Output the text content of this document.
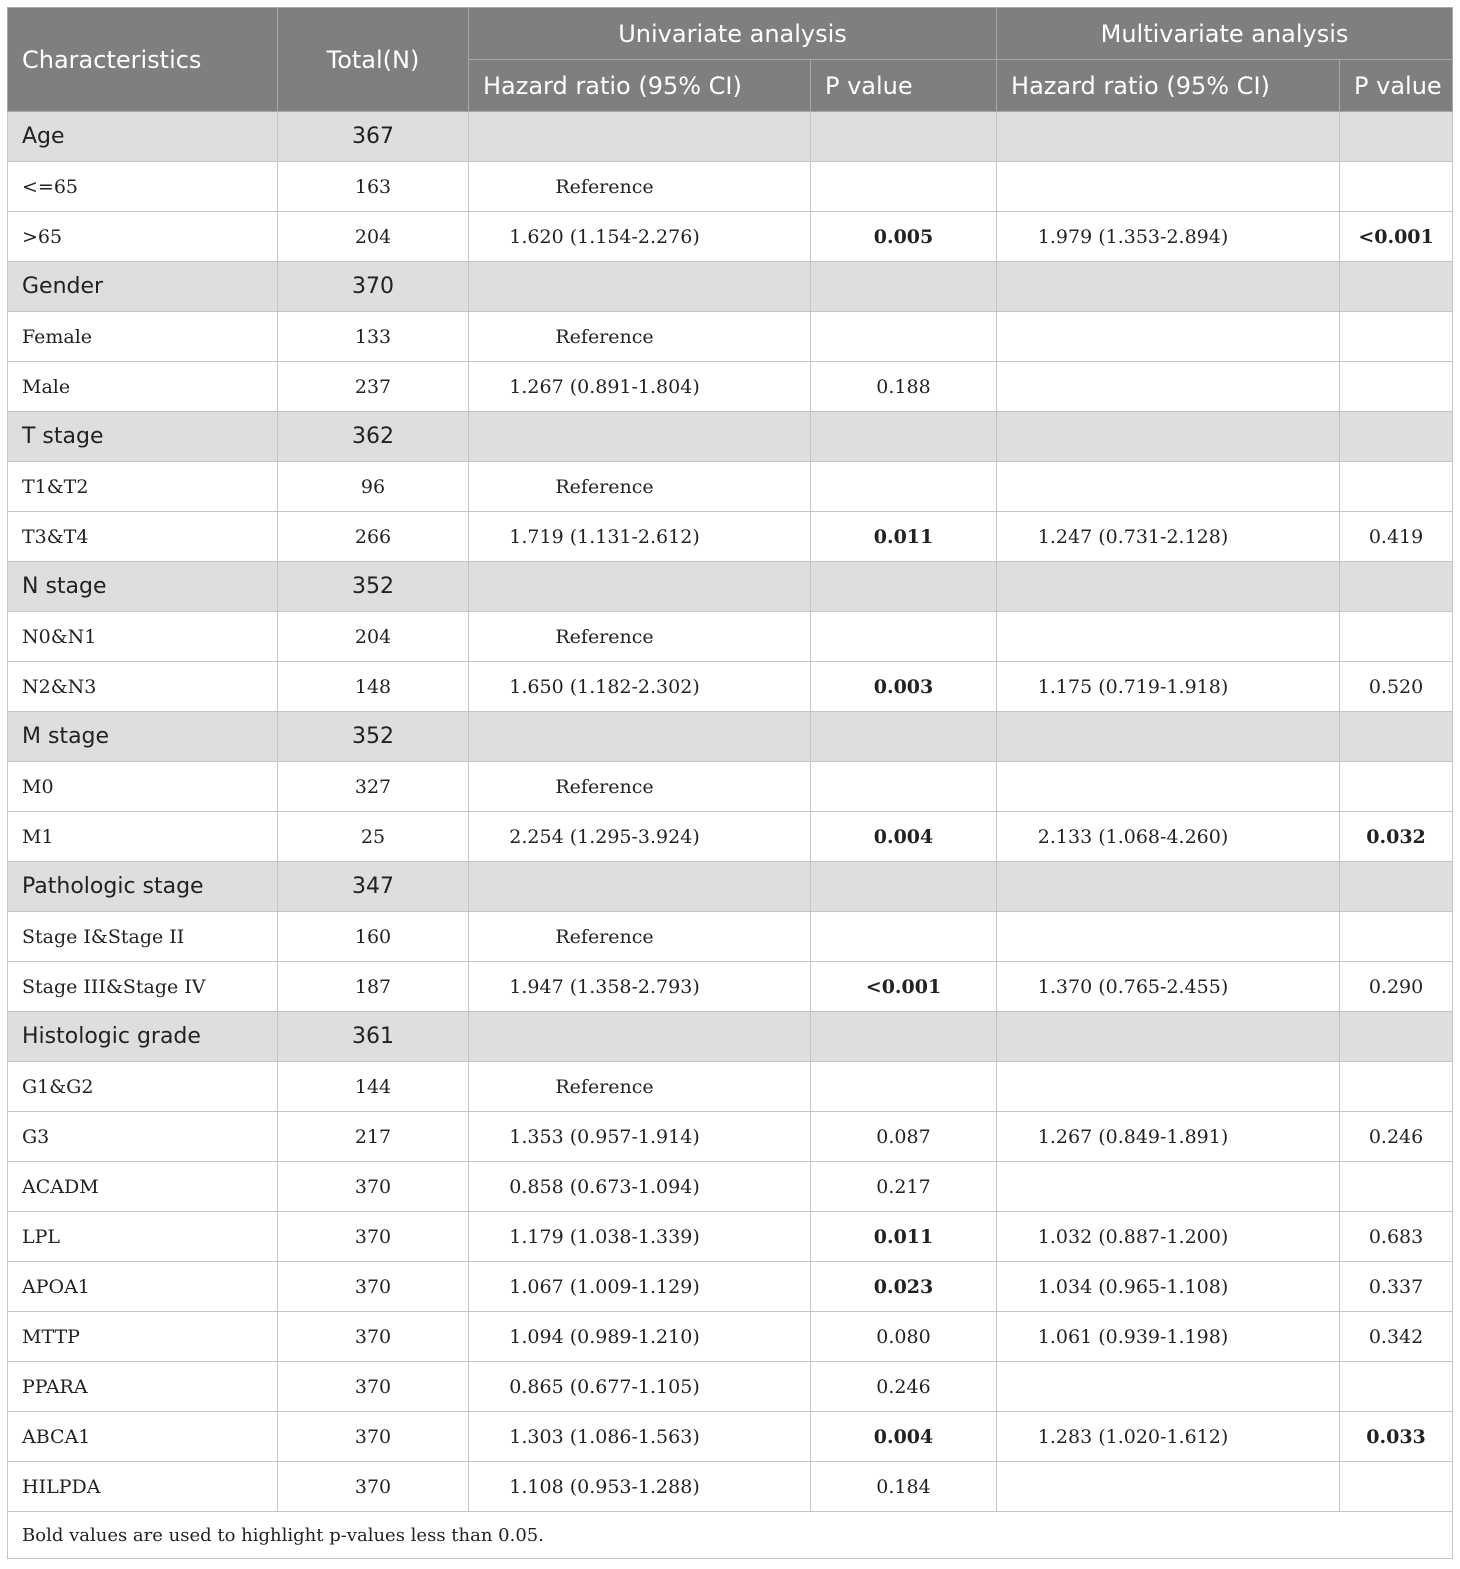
Characteristics	Total(N)	Univariate analysis		Multivariate analysis	
		Hazard ratio (95% CI)	P value	Hazard ratio (95% CI)	P value
Age	367				
<=65	163	Reference			
>65	204	1.620 (1.154-2.276)	0.005	1.979 (1.353-2.894)	<0.001
Gender	370				
Female	133	Reference			
Male	237	1.267 (0.891-1.804)	0.188		
T stage	362				
T1&T2	96	Reference			
T3&T4	266	1.719 (1.131-2.612)	0.011	1.247 (0.731-2.128)	0.419
N stage	352				
N0&N1	204	Reference			
N2&N3	148	1.650 (1.182-2.302)	0.003	1.175 (0.719-1.918)	0.520
M stage	352				
M0	327	Reference			
M1	25	2.254 (1.295-3.924)	0.004	2.133 (1.068-4.260)	0.032
Pathologic stage	347				
Stage I&Stage II	160	Reference			
Stage III&Stage IV	187	1.947 (1.358-2.793)	<0.001	1.370 (0.765-2.455)	0.290
Histologic grade	361				
G1&G2	144	Reference			
G3	217	1.353 (0.957-1.914)	0.087	1.267 (0.849-1.891)	0.246
ACADM	370	0.858 (0.673-1.094)	0.217		
LPL	370	1.179 (1.038-1.339)	0.011	1.032 (0.887-1.200)	0.683
APOA1	370	1.067 (1.009-1.129)	0.023	1.034 (0.965-1.108)	0.337
MTTP	370	1.094 (0.989-1.210)	0.080	1.061 (0.939-1.198)	0.342
PPARA	370	0.865 (0.677-1.105)	0.246		
ABCA1	370	1.303 (1.086-1.563)	0.004	1.283 (1.020-1.612)	0.033
HILPDA	370	1.108 (0.953-1.288)	0.184		
Bold values are used to highlight p-values less than 0.05.					
